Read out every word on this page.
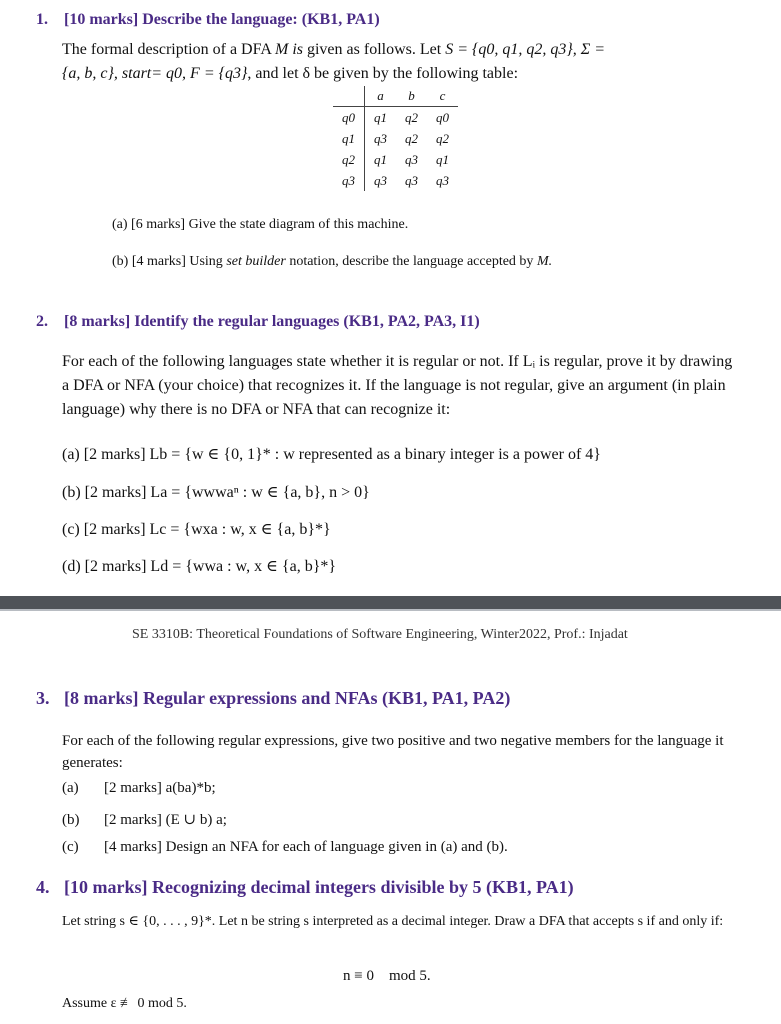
1. [10 marks] Describe the language: (KB1, PA1)
The formal description of a DFA M is given as follows. Let S = {q0, q1, q2, q3}, Σ =
{a, b, c}, start= q0, F = {q3}, and let δ be given by the following table:
	a	b	c
q0	q1	q2	q0
q1	q3	q2	q2
q2	q1	q3	q1
q3	q3	q3	q3
(a) [6 marks] Give the state diagram of this machine.
(b) [4 marks] Using set builder notation, describe the language accepted by M.
2. [8 marks] Identify the regular languages (KB1, PA2, PA3, I1)
For each of the following languages state whether it is regular or not. If Lᵢ is regular, prove it by drawing a DFA or NFA (your choice) that recognizes it. If the language is not regular, give an argument (in plain language) why there is no DFA or NFA that can recognize it:
(a) [2 marks] Lb = {w ∈ {0, 1}* : w represented as a binary integer is a power of 4}
(b) [2 marks] La = {wwwaⁿ : w ∈ {a, b}, n > 0}
(c) [2 marks] Lc = {wxa : w, x ∈ {a, b}*}
(d) [2 marks] Ld = {wwa : w, x ∈ {a, b}*}
SE 3310B: Theoretical Foundations of Software Engineering, Winter2022, Prof.: Injadat
3. [8 marks] Regular expressions and NFAs (KB1, PA1, PA2)
For each of the following regular expressions, give two positive and two negative members for the language it generates:
(a) [2 marks] a(ba)*b;
(b) [2 marks] (E ∪ b) a;
(c) [4 marks] Design an NFA for each of language given in (a) and (b).
4. [10 marks] Recognizing decimal integers divisible by 5 (KB1, PA1)
Let string s ∈ {0, . . . , 9}*. Let n be string s interpreted as a decimal integer. Draw a DFA that accepts s if and only if:
n ≡ 0    mod 5.
Assume ε ≢ 0 mod 5.
